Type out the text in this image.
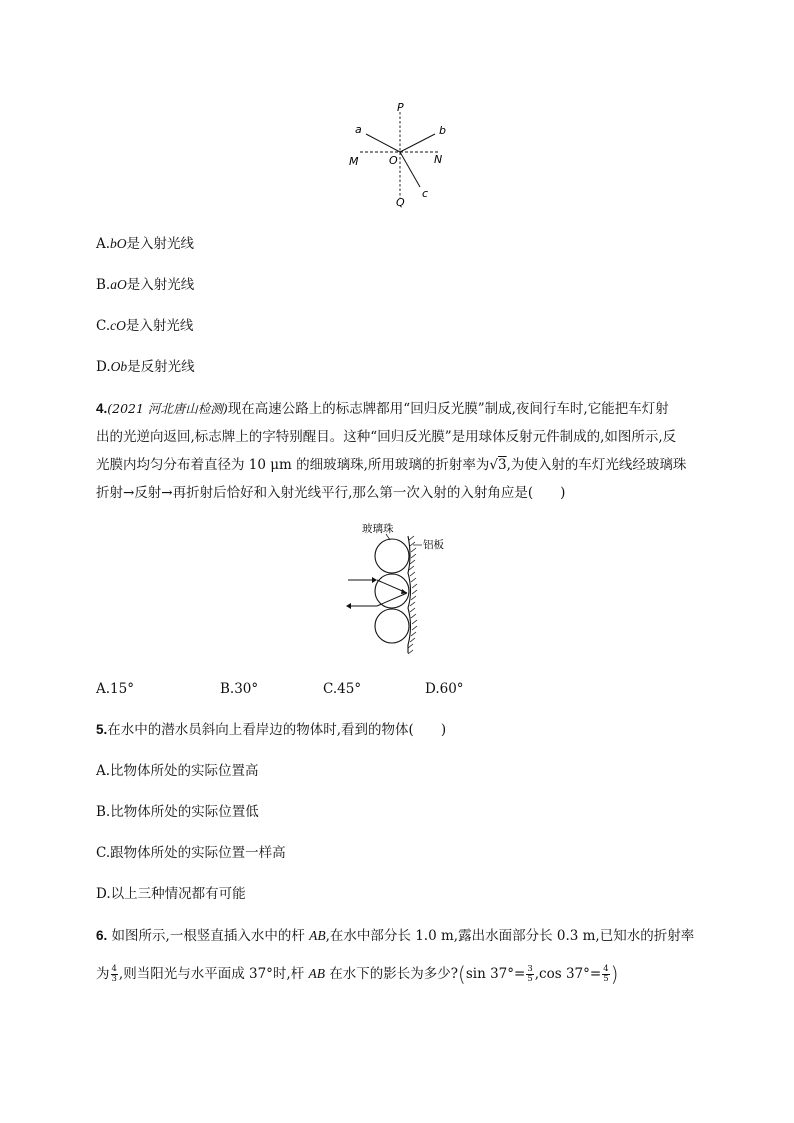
P
a	b
M	O	N
c
Q
A.bO是入射光线
B.aO是入射光线
C.cO是入射光线
D.Ob是反射光线
4.(2021 河北唐山检测)现在高速公路上的标志牌都用“回归反光膜”制成,夜间行车时,它能把车灯射
出的光逆向返回,标志牌上的字特别醒目。这种“回归反光膜”是用球体反射元件制成的,如图所示,反
光膜内均匀分布着直径为 10 μm 的细玻璃珠,所用玻璃的折射率为√3,为使入射的车灯光线经玻璃珠
折射→反射→再折射后恰好和入射光线平行,那么第一次入射的入射角应是(　　)
玻璃珠
铝板
A.15°	B.30°	C.45°	D.60°
5.在水中的潜水员斜向上看岸边的物体时,看到的物体(　　)
A.比物体所处的实际位置高
B.比物体所处的实际位置低
C.跟物体所处的实际位置一样高
D.以上三种情况都有可能
6. 如图所示,一根竖直插入水中的杆 AB,在水中部分长 1.0 m,露出水面部分长 0.3 m,已知水的折射率
为 $\frac{4}{3}$ ,则当阳光与水平面成 37°时,杆 AB 在水下的影长为多少?(sin $37^\circ= \frac{3}{5} ,\cos$ $37^\circ= \frac{4}{5}$ )
